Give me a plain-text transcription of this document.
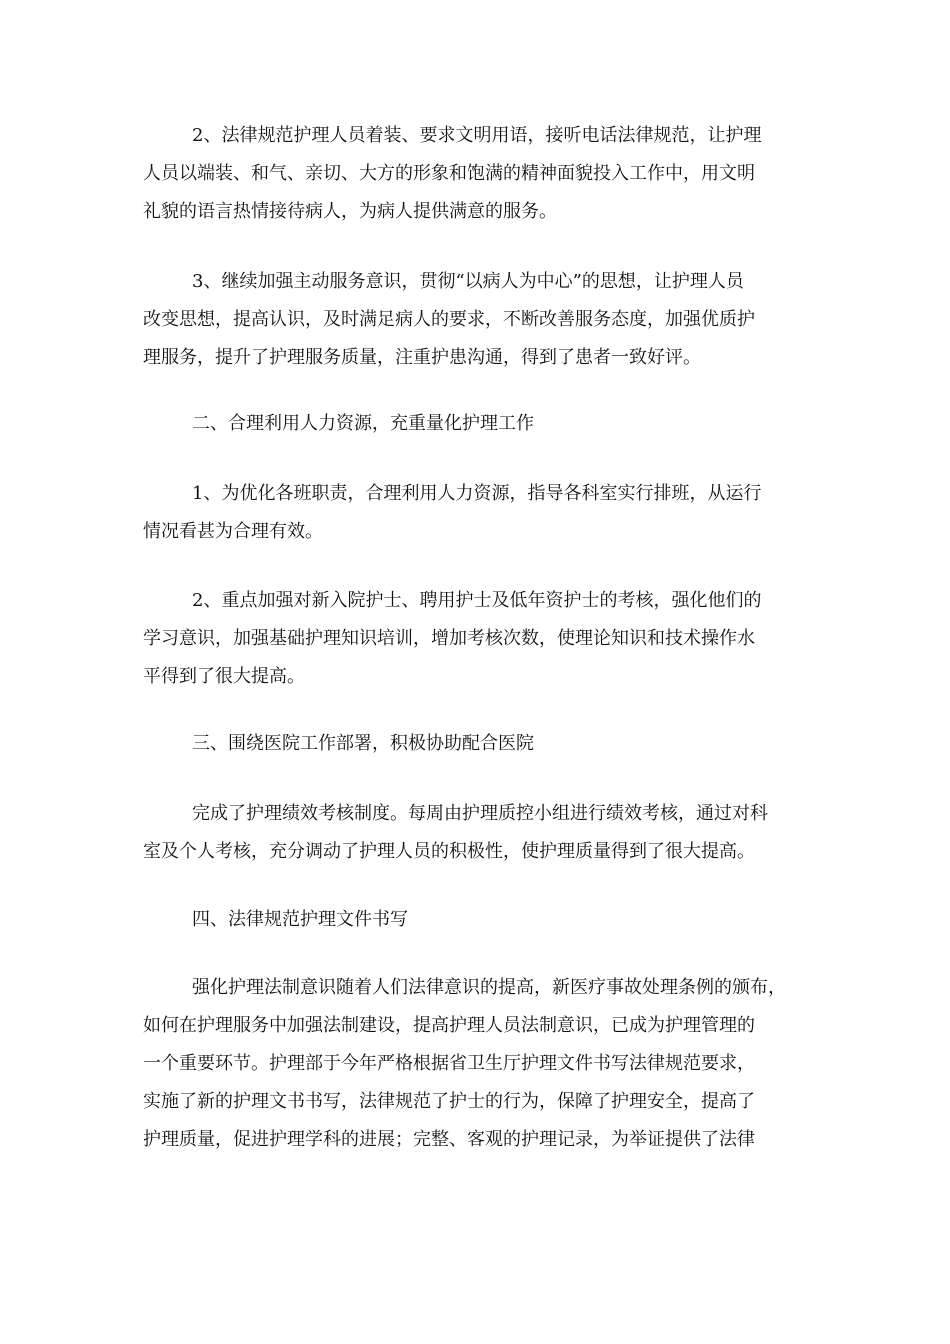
2、法律规范护理人员着装、要求文明用语，接听电话法律规范，让护理
人员以端装、和气、亲切、大方的形象和饱满的精神面貌投入工作中，用文明
礼貌的语言热情接待病人，为病人提供满意的服务。
3、继续加强主动服务意识，贯彻“以病人为中心”的思想，让护理人员
改变思想，提高认识，及时满足病人的要求，不断改善服务态度，加强优质护
理服务，提升了护理服务质量，注重护患沟通，得到了患者一致好评。
二、合理利用人力资源，充重量化护理工作
1、为优化各班职责，合理利用人力资源，指导各科室实行排班，从运行
情况看甚为合理有效。
2、重点加强对新入院护士、聘用护士及低年资护士的考核，强化他们的
学习意识，加强基础护理知识培训，增加考核次数，使理论知识和技术操作水
平得到了很大提高。
三、围绕医院工作部署，积极协助配合医院
完成了护理绩效考核制度。每周由护理质控小组进行绩效考核，通过对科
室及个人考核，充分调动了护理人员的积极性，使护理质量得到了很大提高。
四、法律规范护理文件书写
强化护理法制意识随着人们法律意识的提高，新医疗事故处理条例的颁布，
如何在护理服务中加强法制建设，提高护理人员法制意识，已成为护理管理的
一个重要环节。护理部于今年严格根据省卫生厅护理文件书写法律规范要求，
实施了新的护理文书书写，法律规范了护士的行为，保障了护理安全，提高了
护理质量，促进护理学科的进展；完整、客观的护理记录，为举证提供了法律
